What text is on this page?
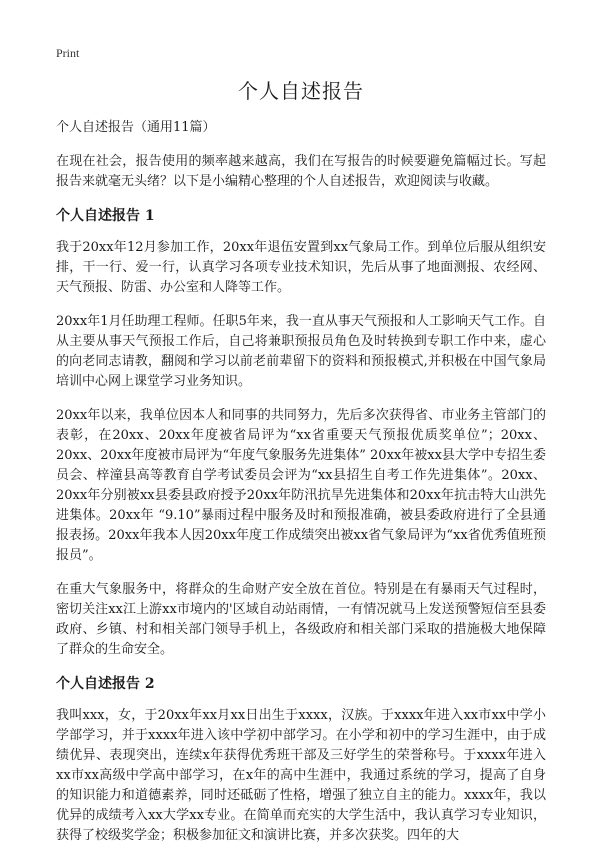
Print
个人自述报告
个人自述报告（通用11篇）

在现在社会，报告使用的频率越来越高，我们在写报告的时候要避免篇幅过长。写起报告来就毫无头绪？以下是小编精心整理的个人自述报告，欢迎阅读与收藏。

个人自述报告 1

我于20xx年12月参加工作，20xx年退伍安置到xx气象局工作。到单位后服从组织安排，干一行、爱一行，认真学习各项专业技术知识，先后从事了地面测报、农经网、天气预报、防雷、办公室和人降等工作。

20xx年1月任助理工程师。任职5年来，我一直从事天气预报和人工影响天气工作。自从主要从事天气预报工作后，自己将兼职预报员角色及时转换到专职工作中来，虚心的向老同志请教，翻阅和学习以前老前辈留下的资料和预报模式,并积极在中国气象局培训中心网上课堂学习业务知识。

20xx年以来，我单位因本人和同事的共同努力，先后多次获得省、市业务主管部门的表彰，在20xx、20xx年度被省局评为“xx省重要天气预报优质奖单位”；20xx、20xx、20xx年度被市局评为“年度气象服务先进集体” 20xx年被xx县大学中专招生委员会、梓潼县高等教育自学考试委员会评为“xx县招生自考工作先进集体”。20xx、20xx年分别被xx县委县政府授予20xx年防汛抗旱先进集体和20xx年抗击特大山洪先进集体。20xx年 “9.10”暴雨过程中服务及时和预报准确，被县委政府进行了全县通报表扬。20xx年我本人因20xx年度工作成绩突出被xx省气象局评为“xx省优秀值班预报员”。

在重大气象服务中，将群众的生命财产安全放在首位。特别是在有暴雨天气过程时，密切关注xx江上游xx市境内的'区域自动站雨情，一有情况就马上发送预警短信至县委政府、乡镇、村和相关部门领导手机上，各级政府和相关部门采取的措施极大地保障了群众的生命安全。

个人自述报告 2

我叫xxx，女，于20xx年xx月xx日出生于xxxx，汉族。于xxxx年进入xx市xx中学小学部学习，并于xxxx年进入该中学初中部学习。在小学和初中的学习生涯中，由于成绩优异、表现突出，连续x年获得优秀班干部及三好学生的荣誉称号。于xxxx年进入xx市xx高级中学高中部学习，在x年的高中生涯中，我通过系统的学习，提高了自身的知识能力和道德素养，同时还砥砺了性格，增强了独立自主的能力。xxxx年，我以优异的成绩考入xx大学xx专业。在简单而充实的大学生活中，我认真学习专业知识，获得了校级奖学金；积极参加征文和演讲比赛，并多次获奖。四年的大
